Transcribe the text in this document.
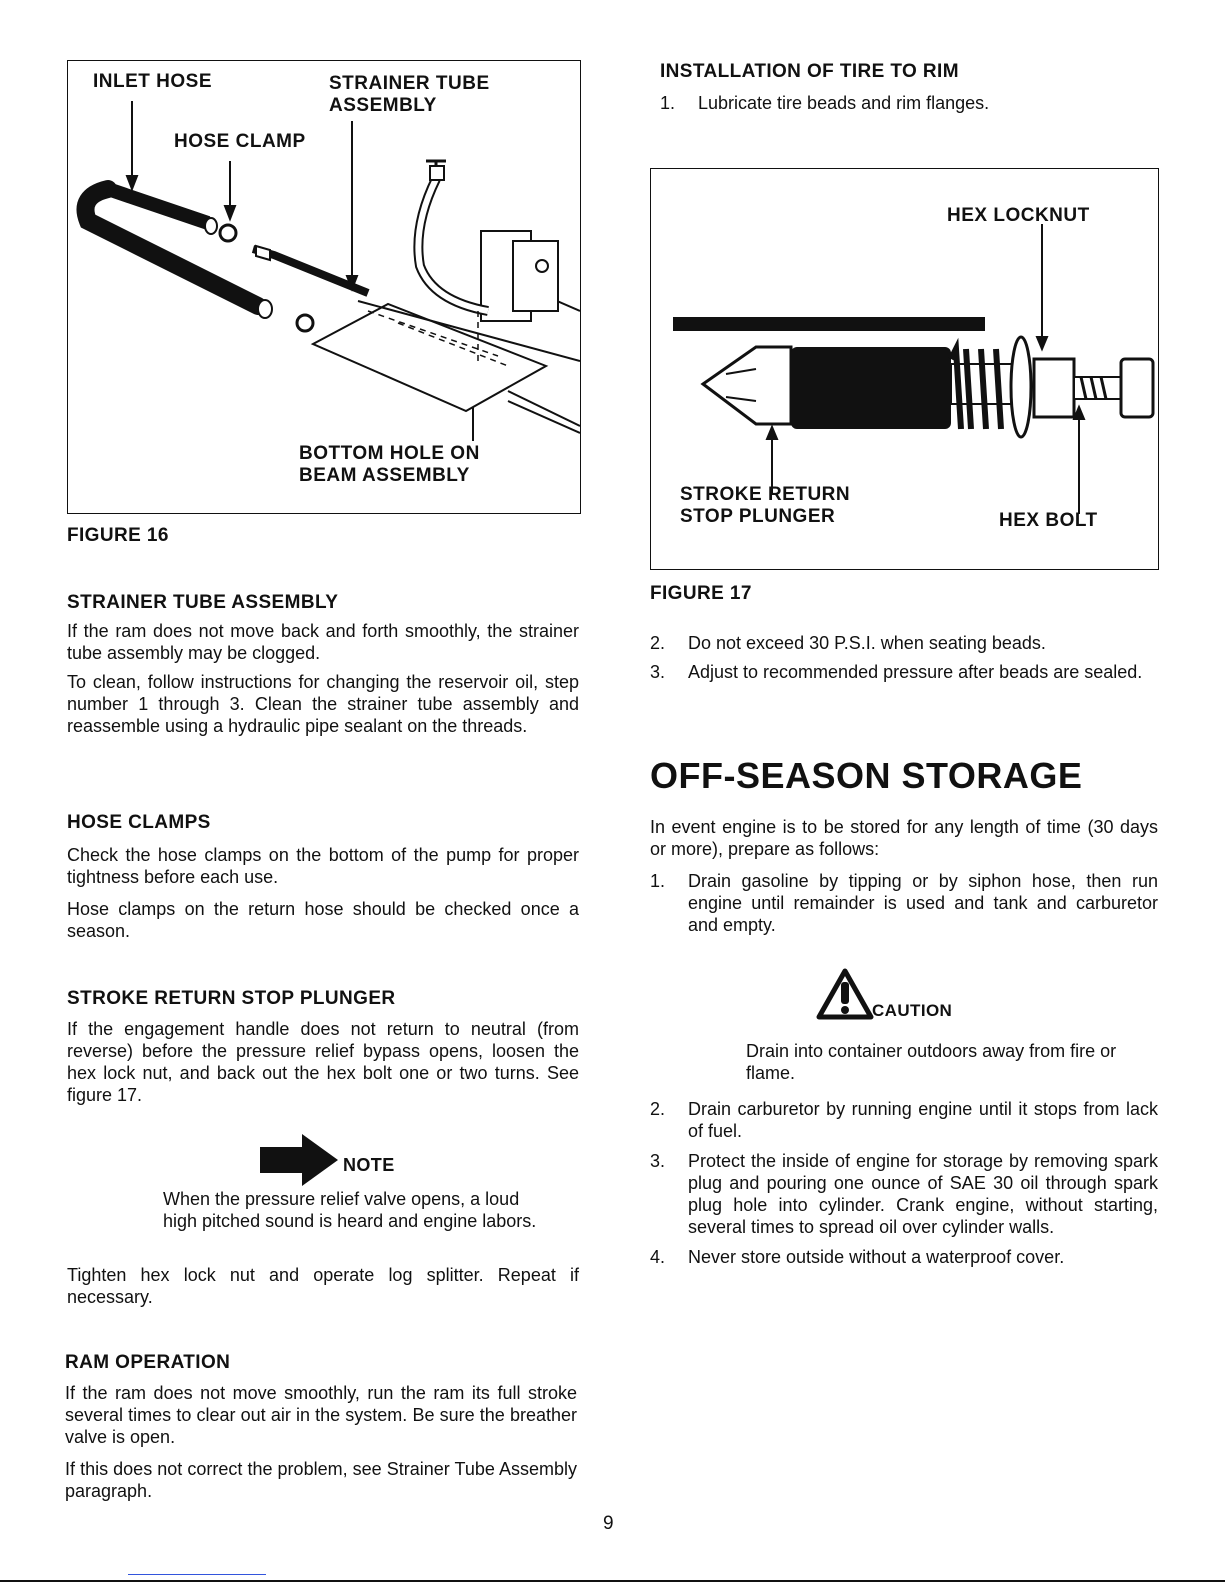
INLET HOSE	STRAINER TUBE
ASSEMBLY
HOSE CLAMP
BOTTOM HOLE ON
BEAM ASSEMBLY
FIGURE 16
STRAINER TUBE ASSEMBLY
If the ram does not move back and forth smoothly, the strainer tube assembly may be clogged.
To clean, follow instructions for changing the reservoir oil, step number 1 through 3. Clean the strainer tube assembly and reassemble using a hydraulic pipe sealant on the threads.
HOSE CLAMPS
Check the hose clamps on the bottom of the pump for proper tightness before each use.
Hose clamps on the return hose should be checked once a season.
STROKE RETURN STOP PLUNGER
If the engagement handle does not return to neutral (from reverse) before the pressure relief bypass opens, loosen the hex lock nut, and back out the hex bolt one or two turns. See figure 17.
NOTE
When the pressure relief valve opens, a loud high pitched sound is heard and engine labors.
Tighten hex lock nut and operate log splitter. Repeat if necessary.
RAM OPERATION
If the ram does not move smoothly, run the ram its full stroke several times to clear out air in the system. Be sure the breather valve is open.
If this does not correct the problem, see Strainer Tube Assembly paragraph.
INSTALLATION OF TIRE TO RIM
1. Lubricate tire beads and rim flanges.
HEX LOCKNUT
STROKE RETURN
STOP PLUNGER	HEX BOLT
FIGURE 17
2. Do not exceed 30 P.S.I. when seating beads.
3. Adjust to recommended pressure after beads are sealed.
OFF-SEASON STORAGE
In event engine is to be stored for any length of time (30 days or more), prepare as follows:
1. Drain gasoline by tipping or by siphon hose, then run engine until remainder is used and tank and carburetor and empty.
CAUTION
Drain into container outdoors away from fire or flame.
2. Drain carburetor by running engine until it stops from lack of fuel.
3. Protect the inside of engine for storage by removing spark plug and pouring one ounce of SAE 30 oil through spark plug hole into cylinder. Crank engine, without starting, several times to spread oil over cylinder walls.
4. Never store outside without a waterproof cover.
9
